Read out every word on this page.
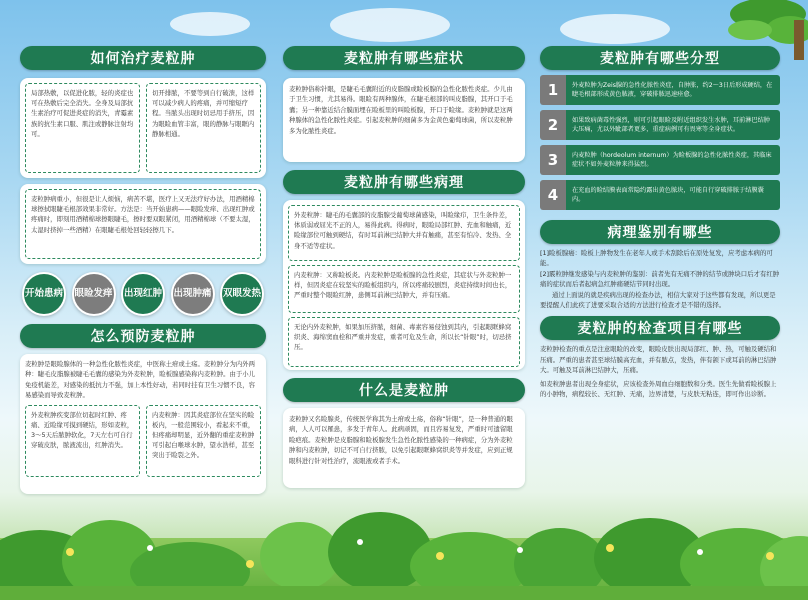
如何治疗麦粒肿
局部热敷，以促进化脓，轻的炎症也可在热敷后完全消失。全身及局部抗生素治疗可促进炎症的消失，青霉素族的抗生素口服、肌注或静脉注射均可。
切开排脓，不要等到自行破溃，这样可以减少病人的疼痛，并可缩短疗程。当脓头出现时切忌用手挤压，因为眼睑血管丰富，眼的静脉与眼眶内静脉相通。
麦粒肿病重小，但很是让人烦恼，病苦不堪，医疗上又无法疗好办法，用酒精棉球擦拭眼睫毛根部效果非常好。方法是：当开始患病——眼睑发痒、出现红肿或疼痛时，即刻用酒精棉球擦眼睫毛，擦时要双眼紧闭，用酒精棉球（不要太湿，太湿时挤掉一些酒精）在眼睫毛根处回轻轻擦几下。
开始患病	眼睑发痒	出现红肿	出现肿痛	双眼发热
怎么预防麦粒肿
麦粒肿是眼睑腺体的一种急性化脓性炎症，中医称土疳或土疡。麦粒肿分为内外两种：睫毛皮脂腺被睫毛毛囊的感染为外麦粒肿，睑板腺感染称内麦粒肿。由于小儿免疫机能差，对感染的抵抗力不强，加上本性好动，若同时挂有卫生习惯不良，容易感染而导致麦粒肿。
外麦粒肿疾变部位切起时红肿、疼痛、近睑缘可摸到硬结，形如麦粒，3～5天后脓肿软化，7天左右可自行穿破皮肤，脓液流出，红肿消失。
内麦粒肿：因其炎症部位在坚实的睑板内，一般范围较小，看起来不重，但疼痛却明显，近外翻的重症麦粒肿可引起白喉球水肿，望水浩样，甚至突出于睑裂之外。
麦粒肿有哪些症状
麦粒肿俗称针眼，是睫毛毛囊附近的皮脂腺或睑板腺的急性化脓性炎症。少儿由于卫生习惯，尤其易得。眼睑有两种腺体，在睫毛根部的叫皮脂腺，其开口于毛囊；另一种靠近结合膜面埋在睑板里的叫睑板腺，开口于睑缘。麦粒肿就是这两种腺体的急性化脓性炎症。引起麦粒肿的细菌多为金黄色葡萄球菌，所以麦粒肿多为化脓性炎症。
麦粒肿有哪些病理
外麦粒肿：睫毛的毛囊部的皮脂腺受葡萄球菌感染，叫睑缘疖，卫生条件差，体质弱或屈光不正的人，易得此病。得病时，眼睑局部红肿、充血和触痛，近睑缘部位可触到硬结，有时耳前淋巴结肿大并有触痛，甚至有怕冷、发热、全身不适等症状。
内麦粒肿：又称睑板炎。内麦粒肿是睑板腺的急性炎症，其症状与外麦粒肿一样，但因炎症在较坚实的睑板组织内，所以疼痛较剧烈，炎症持续时间也长，严重时整个眼睑红肿，患侧耳前淋巴结肿大，并有压痛。
无论内外麦粒肿，如果加压挤脓，细菌、毒素容易侵蚀到其内，引起眼眶蜂窝织炎、海绵窦血栓和严重并发症，重者可危及生命，所以长“针眼”时，切忌挤压。
什么是麦粒肿
麦粒肿又名睑腺炎，传统医学称其为土疳或土疡，俗称“针眼”，是一种普通的眼病，人人可以罹患，多发于青年人。此病顽固，而且容易复发，严重时可遗留眼睑疤痕。麦粒肿是皮脂腺和睑板腺发生急性化脓性感染的一种病症，分为外麦粒肿和内麦粒肿，切记不可自行挤脓，以免引起眼眶蜂窝织炎等并发症，应到正规眼科进行针对性治疗，流眼液或者手术。
麦粒肿有哪些分型
1	外麦粒肿为Zeis腺的急性化脓性炎症，自肿胀，约2～3日后形成硬结，在睫毛根部形成黄色脓液，穿破排脓迅速痊愈。
2	如果致病菌毒性强烈，则可引起眼睑及附近组织发生水肿，耳前淋巴结肿大压痛，尤以外眦部者更多，重症病例可有畏寒等全身症状。
3	内麦粒肿（hordeolum internum）为睑板腺的急性化脓性炎症，其临床症状不如外麦粒肿来得猛烈。
4	在充血的睑结膜表面常隐约露出黄色脓块，可能自行穿破排脓于结膜囊内。
病理鉴别有哪些
[1]睑板腺癌：睑板上肿物发生在老年人或手术刮除后在原处复发，应考虑本病的可能。
[2]霰粒肿继发感染与内麦粒肿的鉴别：前者先有无痛不肿的结节或肿块口后才有红肿痛的症状而后者起病急红肿痛硬结节同时出现。
通过上面说的就是疾病出现的检查办法，相信大家对于这些都有发现，所以更是要提醒人们此疾了进要采取合适的方法进行检查才是不错的选择。
麦粒肿的检查项目有哪些
麦粒肿检查的重点是注意眼睑的改变，眼睑皮肤出现局部红、肿、热，可触及硬结和压痛。严重的患者甚至球结膜高充血，并有脓点，发热，伴有颌下或耳前的淋巴结肿大。可触及耳前淋巴结肿大，压痛。
如麦粒肿患者出现全身症状，应该检查外周血白细胞数和分类。医生先做看睑板腺上的小肿物，病程较长、无红肿、无痛，边界清楚，与皮肤无粘连，即可作出诊断。
